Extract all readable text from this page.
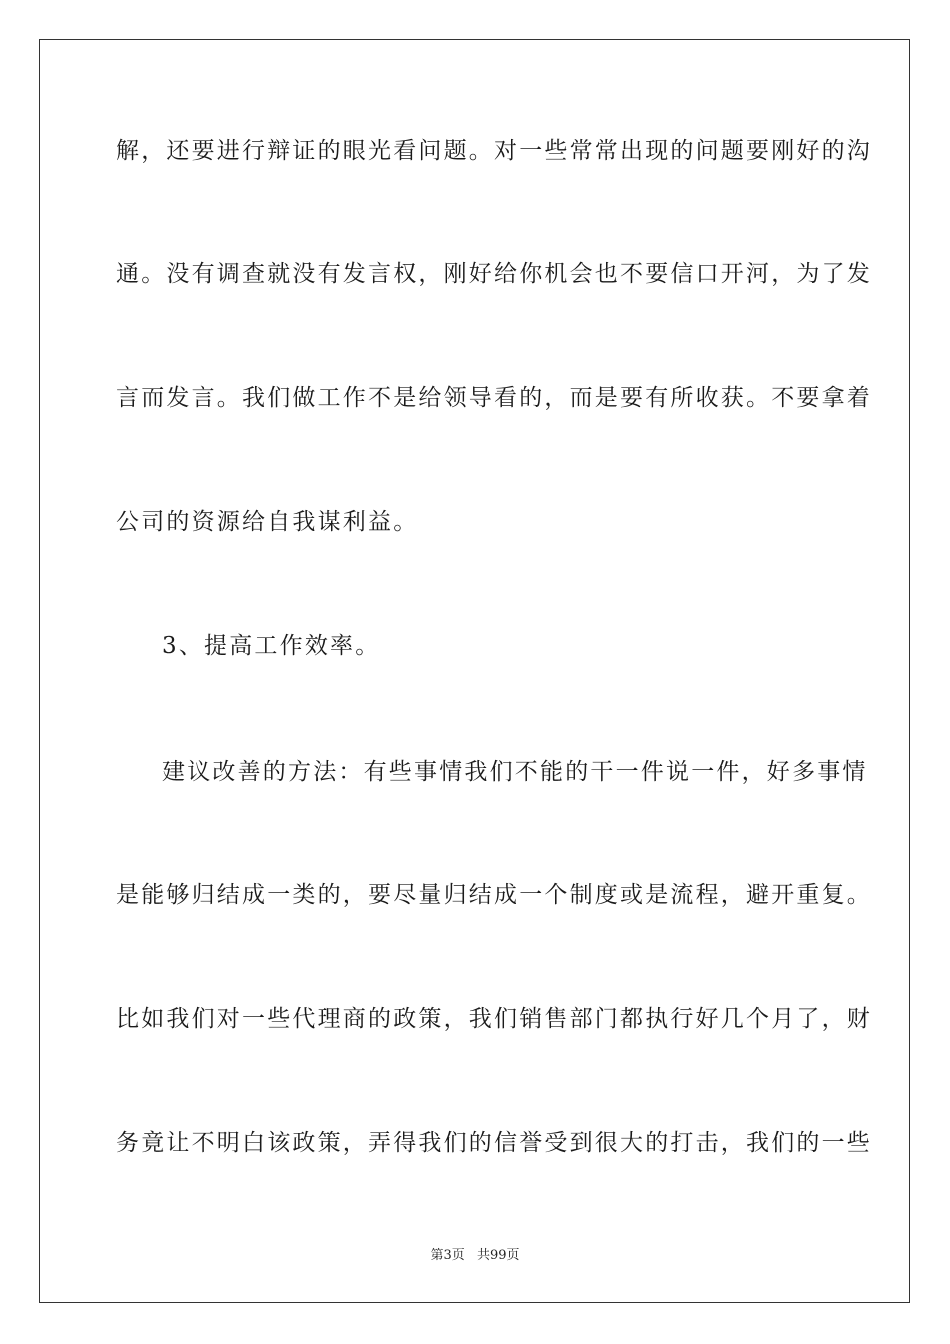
解，还要进行辩证的眼光看问题。对一些常常出现的问题要刚好的沟
通。没有调查就没有发言权，刚好给你机会也不要信口开河，为了发
言而发言。我们做工作不是给领导看的，而是要有所收获。不要拿着
公司的资源给自我谋利益。
3、提高工作效率。
建议改善的方法：有些事情我们不能的干一件说一件，好多事情
是能够归结成一类的，要尽量归结成一个制度或是流程，避开重复。
比如我们对一些代理商的政策，我们销售部门都执行好几个月了，财
务竟让不明白该政策，弄得我们的信誉受到很大的打击，我们的一些
第3页 共99页
